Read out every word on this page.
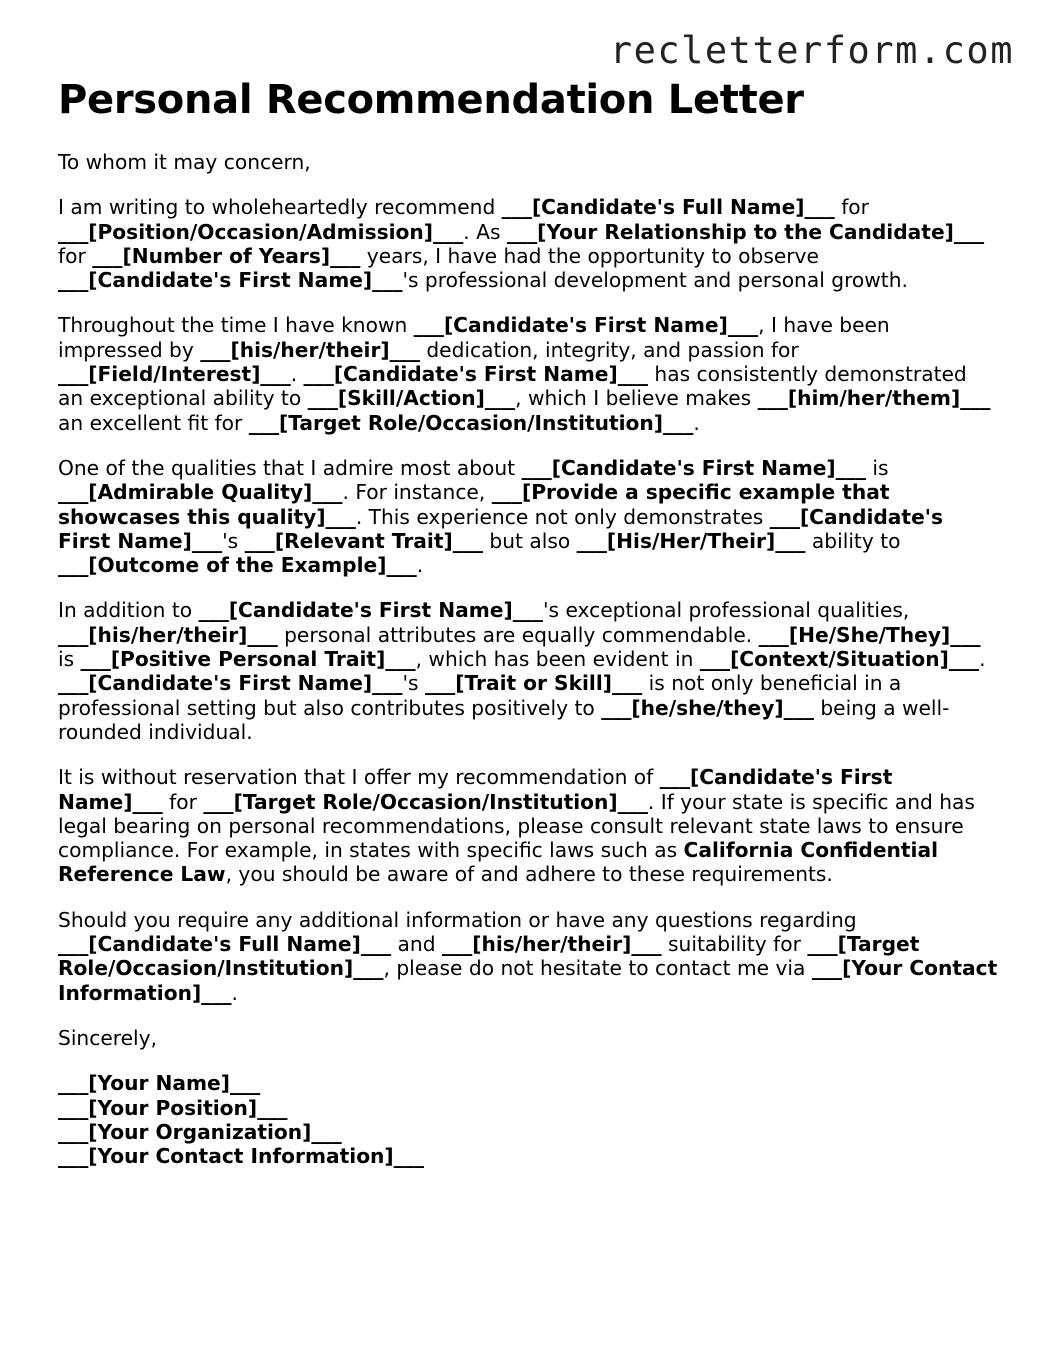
recletterform.com
Personal Recommendation Letter

To whom it may concern,

I am writing to wholeheartedly recommend ___[Candidate's Full Name]___ for ___[Position/Occasion/Admission]___. As ___[Your Relationship to the Candidate]___ for ___[Number of Years]___ years, I have had the opportunity to observe ___[Candidate's First Name]___'s professional development and personal growth.

Throughout the time I have known ___[Candidate's First Name]___, I have been impressed by ___[his/her/their]___ dedication, integrity, and passion for ___[Field/Interest]___. ___[Candidate's First Name]___ has consistently demonstrated an exceptional ability to ___[Skill/Action]___, which I believe makes ___[him/her/them]___ an excellent fit for ___[Target Role/Occasion/Institution]___.

One of the qualities that I admire most about ___[Candidate's First Name]___ is ___[Admirable Quality]___. For instance, ___[Provide a specific example that showcases this quality]___. This experience not only demonstrates ___[Candidate's First Name]___'s ___[Relevant Trait]___ but also ___[His/Her/Their]___ ability to ___[Outcome of the Example]___.

In addition to ___[Candidate's First Name]___'s exceptional professional qualities, ___[his/her/their]___ personal attributes are equally commendable. ___[He/She/They]___ is ___[Positive Personal Trait]___, which has been evident in ___[Context/Situation]___. ___[Candidate's First Name]___'s ___[Trait or Skill]___ is not only beneficial in a professional setting but also contributes positively to ___[he/she/they]___ being a well-rounded individual.

It is without reservation that I offer my recommendation of ___[Candidate's First Name]___ for ___[Target Role/Occasion/Institution]___. If your state is specific and has legal bearing on personal recommendations, please consult relevant state laws to ensure compliance. For example, in states with specific laws such as California Confidential Reference Law, you should be aware of and adhere to these requirements.

Should you require any additional information or have any questions regarding ___[Candidate's Full Name]___ and ___[his/her/their]___ suitability for ___[Target Role/Occasion/Institution]___, please do not hesitate to contact me via ___[Your Contact Information]___.

Sincerely,

___[Your Name]___
___[Your Position]___
___[Your Organization]___
___[Your Contact Information]___
